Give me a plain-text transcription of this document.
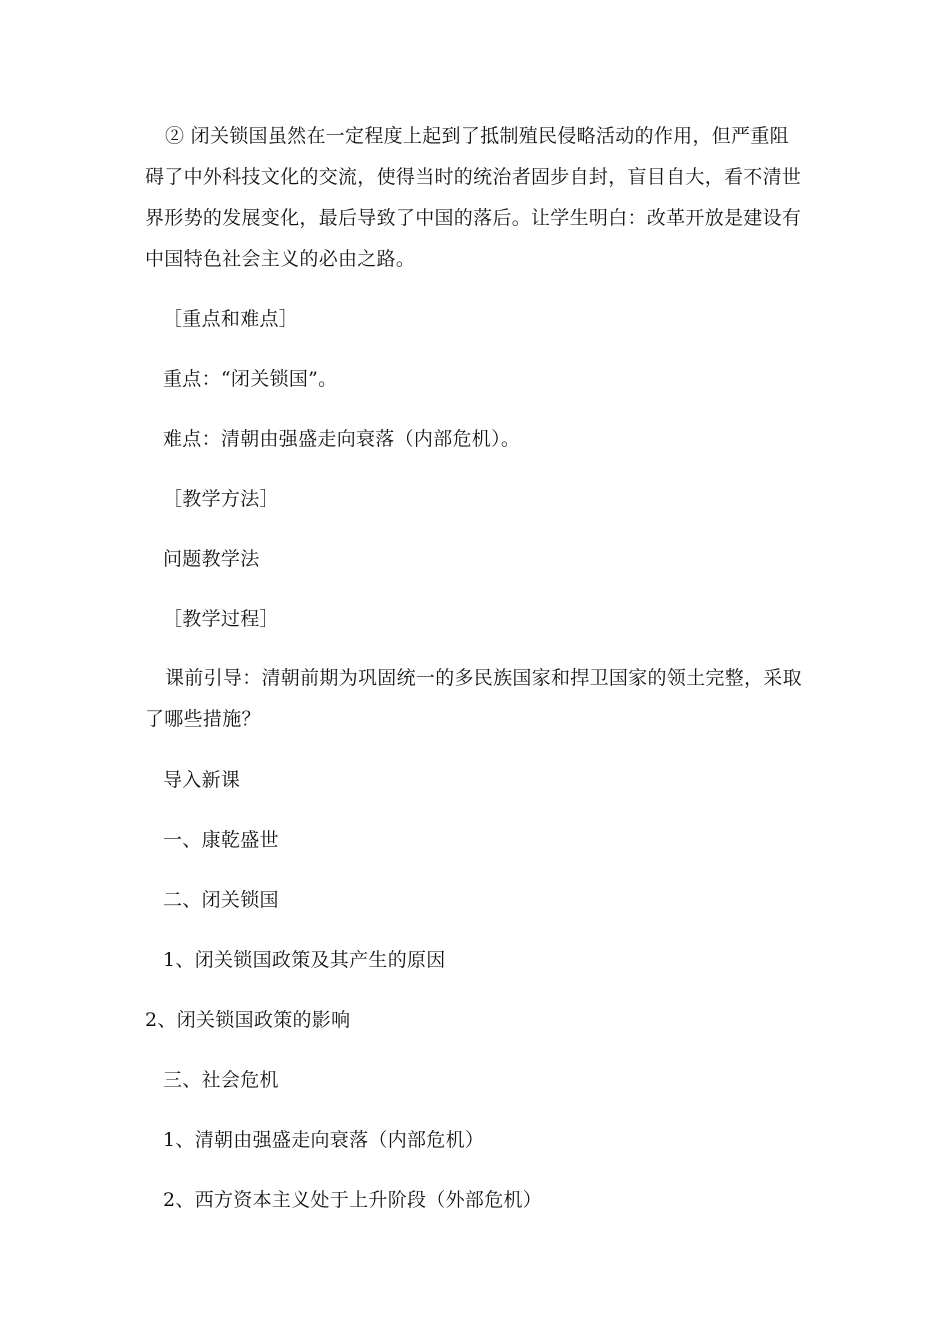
② 闭关锁国虽然在一定程度上起到了抵制殖民侵略活动的作用，但严重阻碍了中外科技文化的交流，使得当时的统治者固步自封，盲目自大，看不清世界形势的发展变化，最后导致了中国的落后。让学生明白：改革开放是建设有中国特色社会主义的必由之路。
［重点和难点］
重点：“闭关锁国”。
难点：清朝由强盛走向衰落（内部危机）。
［教学方法］
问题教学法
［教学过程］
课前引导：清朝前期为巩固统一的多民族国家和捍卫国家的领土完整，采取了哪些措施？
导入新课
一、康乾盛世
二、闭关锁国
1、闭关锁国政策及其产生的原因
2、闭关锁国政策的影响
三、社会危机
1、清朝由强盛走向衰落（内部危机）
2、西方资本主义处于上升阶段（外部危机）
